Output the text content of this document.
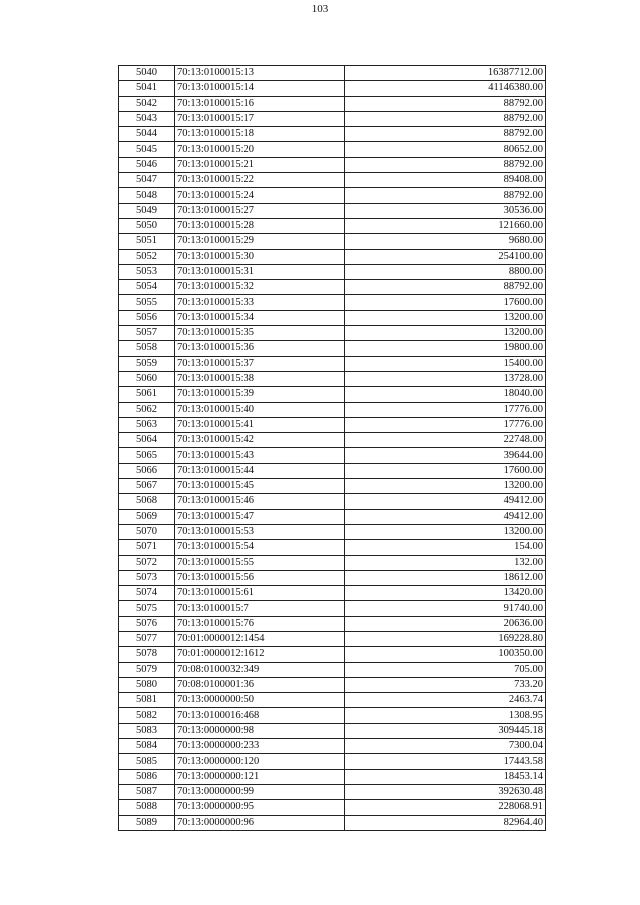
103
5040	70:13:0100015:13	16387712.00
5041	70:13:0100015:14	41146380.00
5042	70:13:0100015:16	88792.00
5043	70:13:0100015:17	88792.00
5044	70:13:0100015:18	88792.00
5045	70:13:0100015:20	80652.00
5046	70:13:0100015:21	88792.00
5047	70:13:0100015:22	89408.00
5048	70:13:0100015:24	88792.00
5049	70:13:0100015:27	30536.00
5050	70:13:0100015:28	121660.00
5051	70:13:0100015:29	9680.00
5052	70:13:0100015:30	254100.00
5053	70:13:0100015:31	8800.00
5054	70:13:0100015:32	88792.00
5055	70:13:0100015:33	17600.00
5056	70:13:0100015:34	13200.00
5057	70:13:0100015:35	13200.00
5058	70:13:0100015:36	19800.00
5059	70:13:0100015:37	15400.00
5060	70:13:0100015:38	13728.00
5061	70:13:0100015:39	18040.00
5062	70:13:0100015:40	17776.00
5063	70:13:0100015:41	17776.00
5064	70:13:0100015:42	22748.00
5065	70:13:0100015:43	39644.00
5066	70:13:0100015:44	17600.00
5067	70:13:0100015:45	13200.00
5068	70:13:0100015:46	49412.00
5069	70:13:0100015:47	49412.00
5070	70:13:0100015:53	13200.00
5071	70:13:0100015:54	154.00
5072	70:13:0100015:55	132.00
5073	70:13:0100015:56	18612.00
5074	70:13:0100015:61	13420.00
5075	70:13:0100015:7	91740.00
5076	70:13:0100015:76	20636.00
5077	70:01:0000012:1454	169228.80
5078	70:01:0000012:1612	100350.00
5079	70:08:0100032:349	705.00
5080	70:08:0100001:36	733.20
5081	70:13:0000000:50	2463.74
5082	70:13:0100016:468	1308.95
5083	70:13:0000000:98	309445.18
5084	70:13:0000000:233	7300.04
5085	70:13:0000000:120	17443.58
5086	70:13:0000000:121	18453.14
5087	70:13:0000000:99	392630.48
5088	70:13:0000000:95	228068.91
5089	70:13:0000000:96	82964.40
